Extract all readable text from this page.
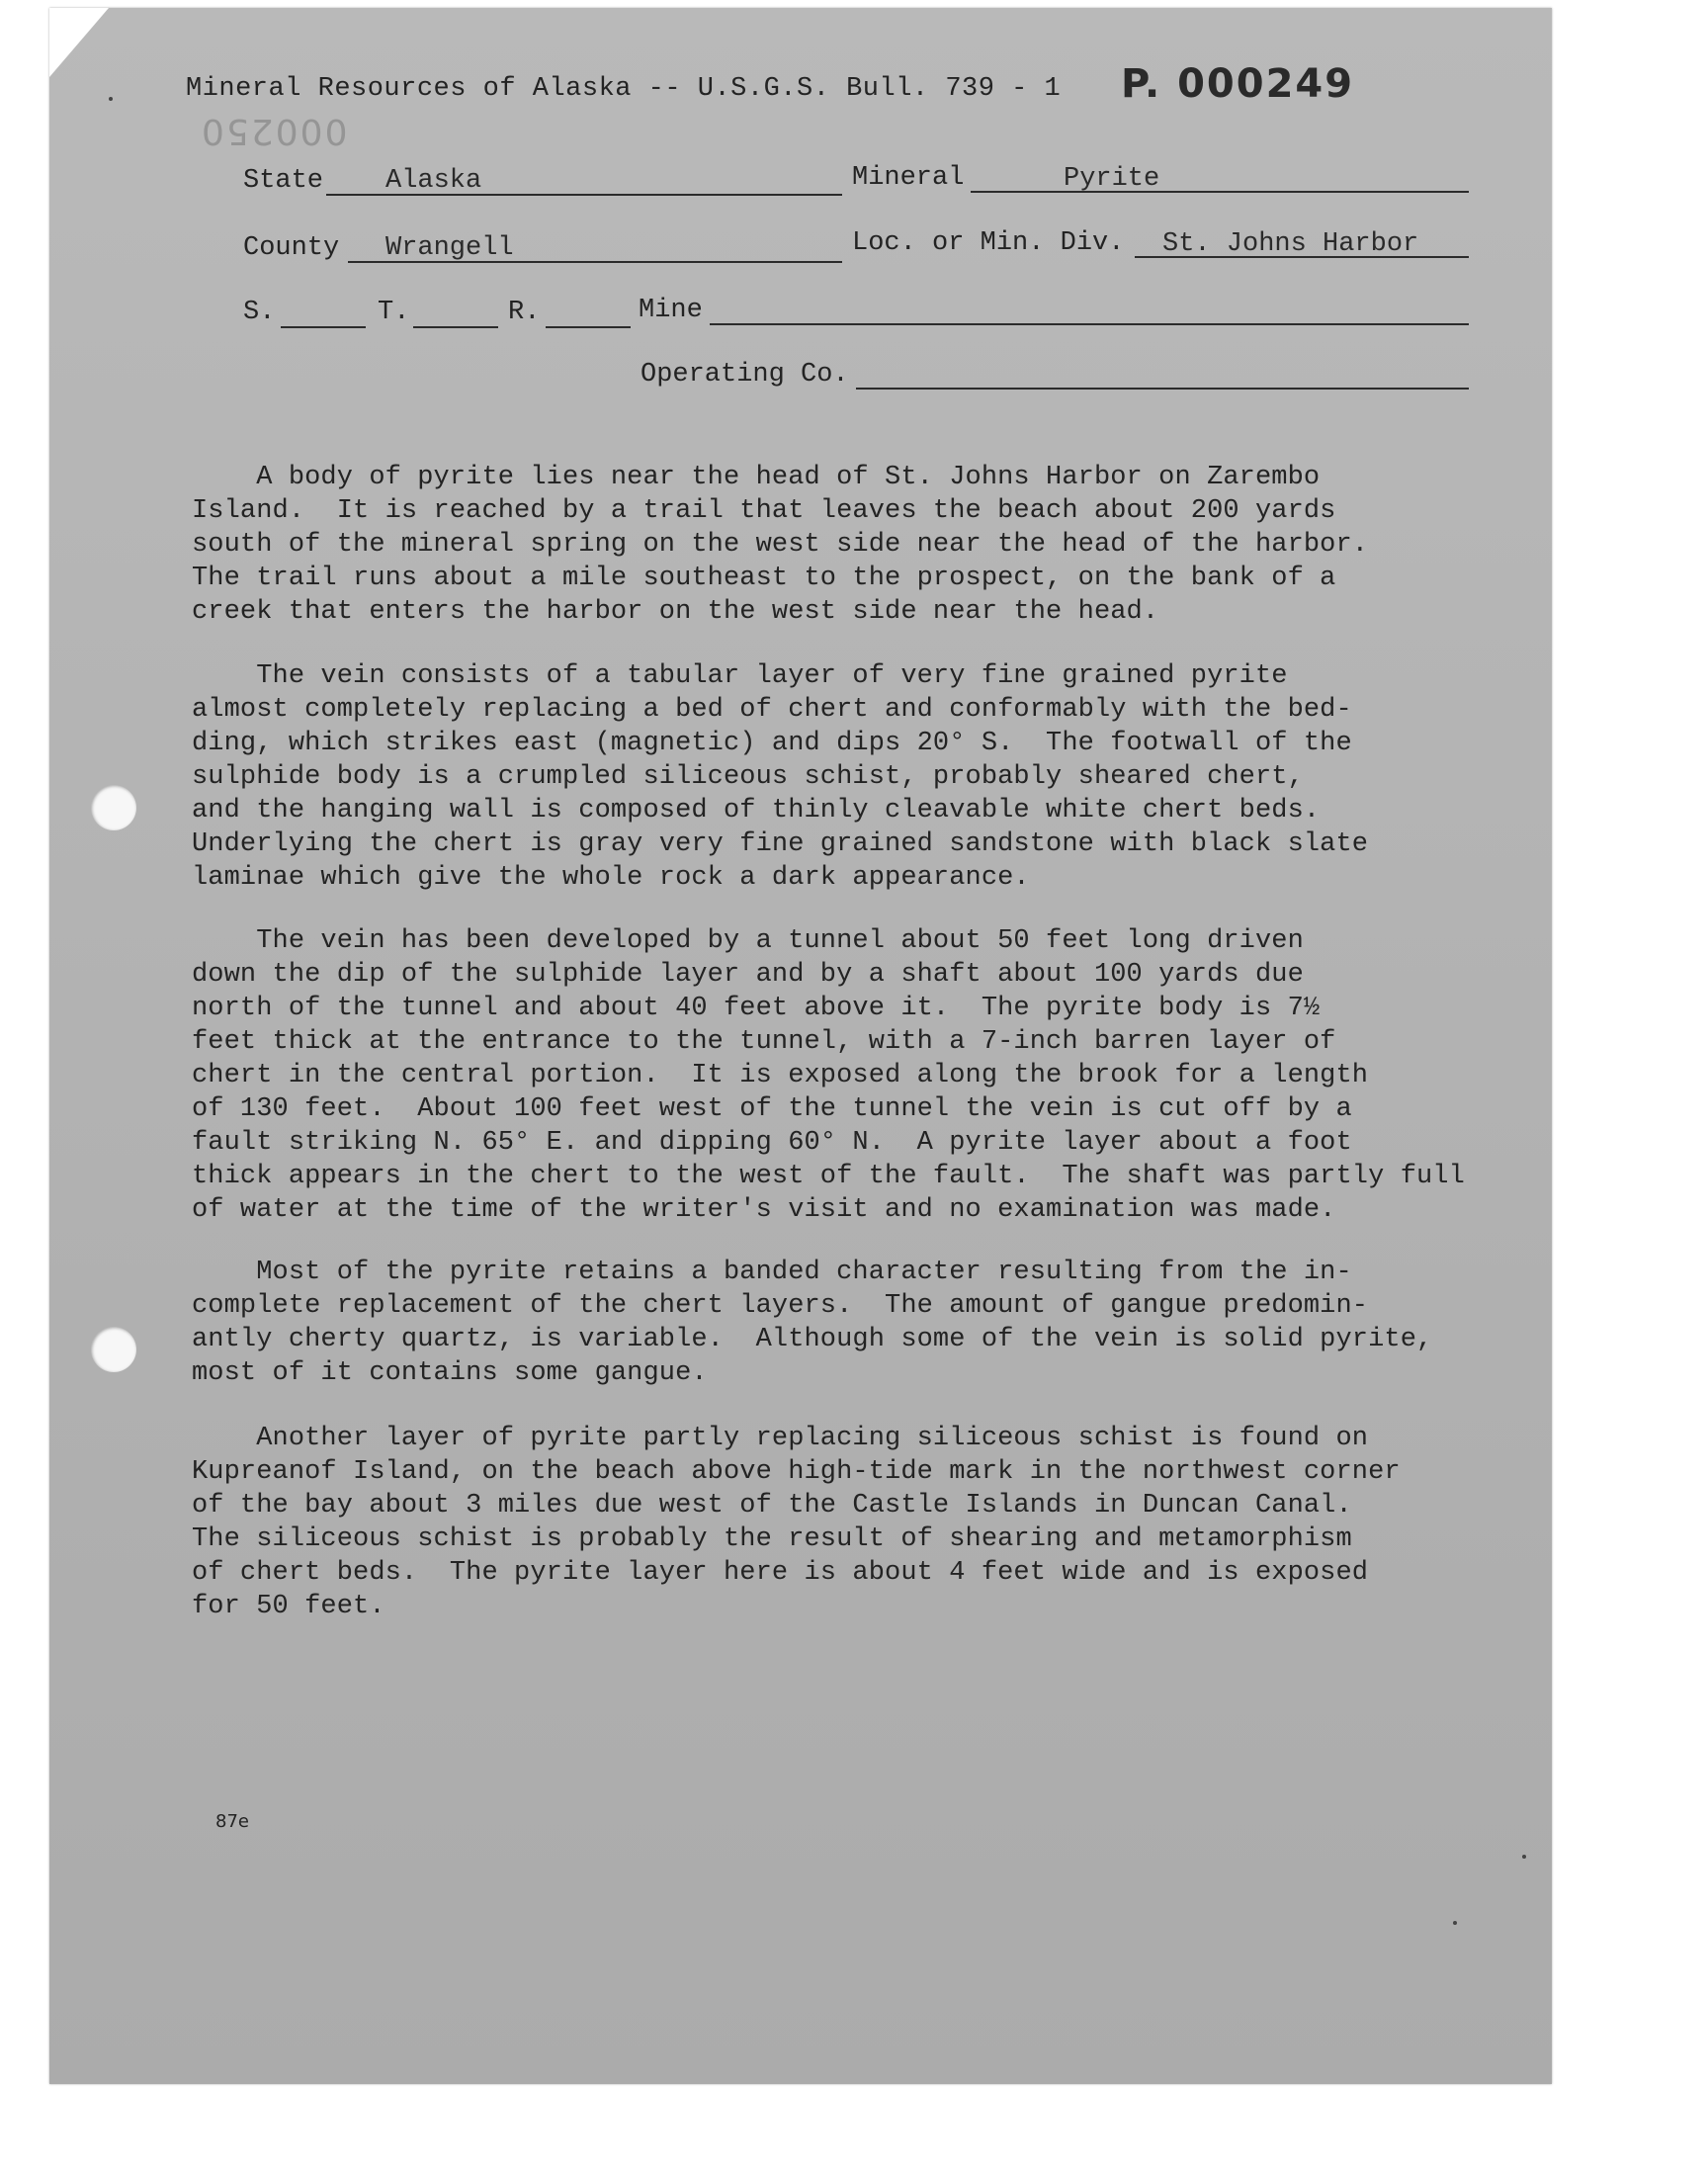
Mineral Resources of Alaska -- U.S.G.S. Bull. 739 - 1 P. 000249
000250
State Alaska	Mineral	Pyrite
County Wrangell	Loc. or Min. Div. St. Johns Harbor
S.	T.	R.	Mine
Operating Co.

A body of pyrite lies near the head of St. Johns Harbor on Zarembo
Island.  It is reached by a trail that leaves the beach about 200 yards
south of the mineral spring on the west side near the head of the harbor.
The trail runs about a mile southeast to the prospect, on the bank of a
creek that enters the harbor on the west side near the head.

The vein consists of a tabular layer of very fine grained pyrite
almost completely replacing a bed of chert and conformably with the bed-
ding, which strikes east (magnetic) and dips 20° S.  The footwall of the
sulphide body is a crumpled siliceous schist, probably sheared chert,
and the hanging wall is composed of thinly cleavable white chert beds.
Underlying the chert is gray very fine grained sandstone with black slate
laminae which give the whole rock a dark appearance.

The vein has been developed by a tunnel about 50 feet long driven
down the dip of the sulphide layer and by a shaft about 100 yards due
north of the tunnel and about 40 feet above it.  The pyrite body is 7½
feet thick at the entrance to the tunnel, with a 7-inch barren layer of
chert in the central portion.  It is exposed along the brook for a length
of 130 feet.  About 100 feet west of the tunnel the vein is cut off by a
fault striking N. 65° E. and dipping 60° N.  A pyrite layer about a foot
thick appears in the chert to the west of the fault.  The shaft was partly full
of water at the time of the writer's visit and no examination was made.

Most of the pyrite retains a banded character resulting from the in-
complete replacement of the chert layers.  The amount of gangue predomin-
antly cherty quartz, is variable.  Although some of the vein is solid pyrite,
most of it contains some gangue.

Another layer of pyrite partly replacing siliceous schist is found on
Kupreanof Island, on the beach above high-tide mark in the northwest corner
of the bay about 3 miles due west of the Castle Islands in Duncan Canal.
The siliceous schist is probably the result of shearing and metamorphism
of chert beds.  The pyrite layer here is about 4 feet wide and is exposed
for 50 feet.

87e
